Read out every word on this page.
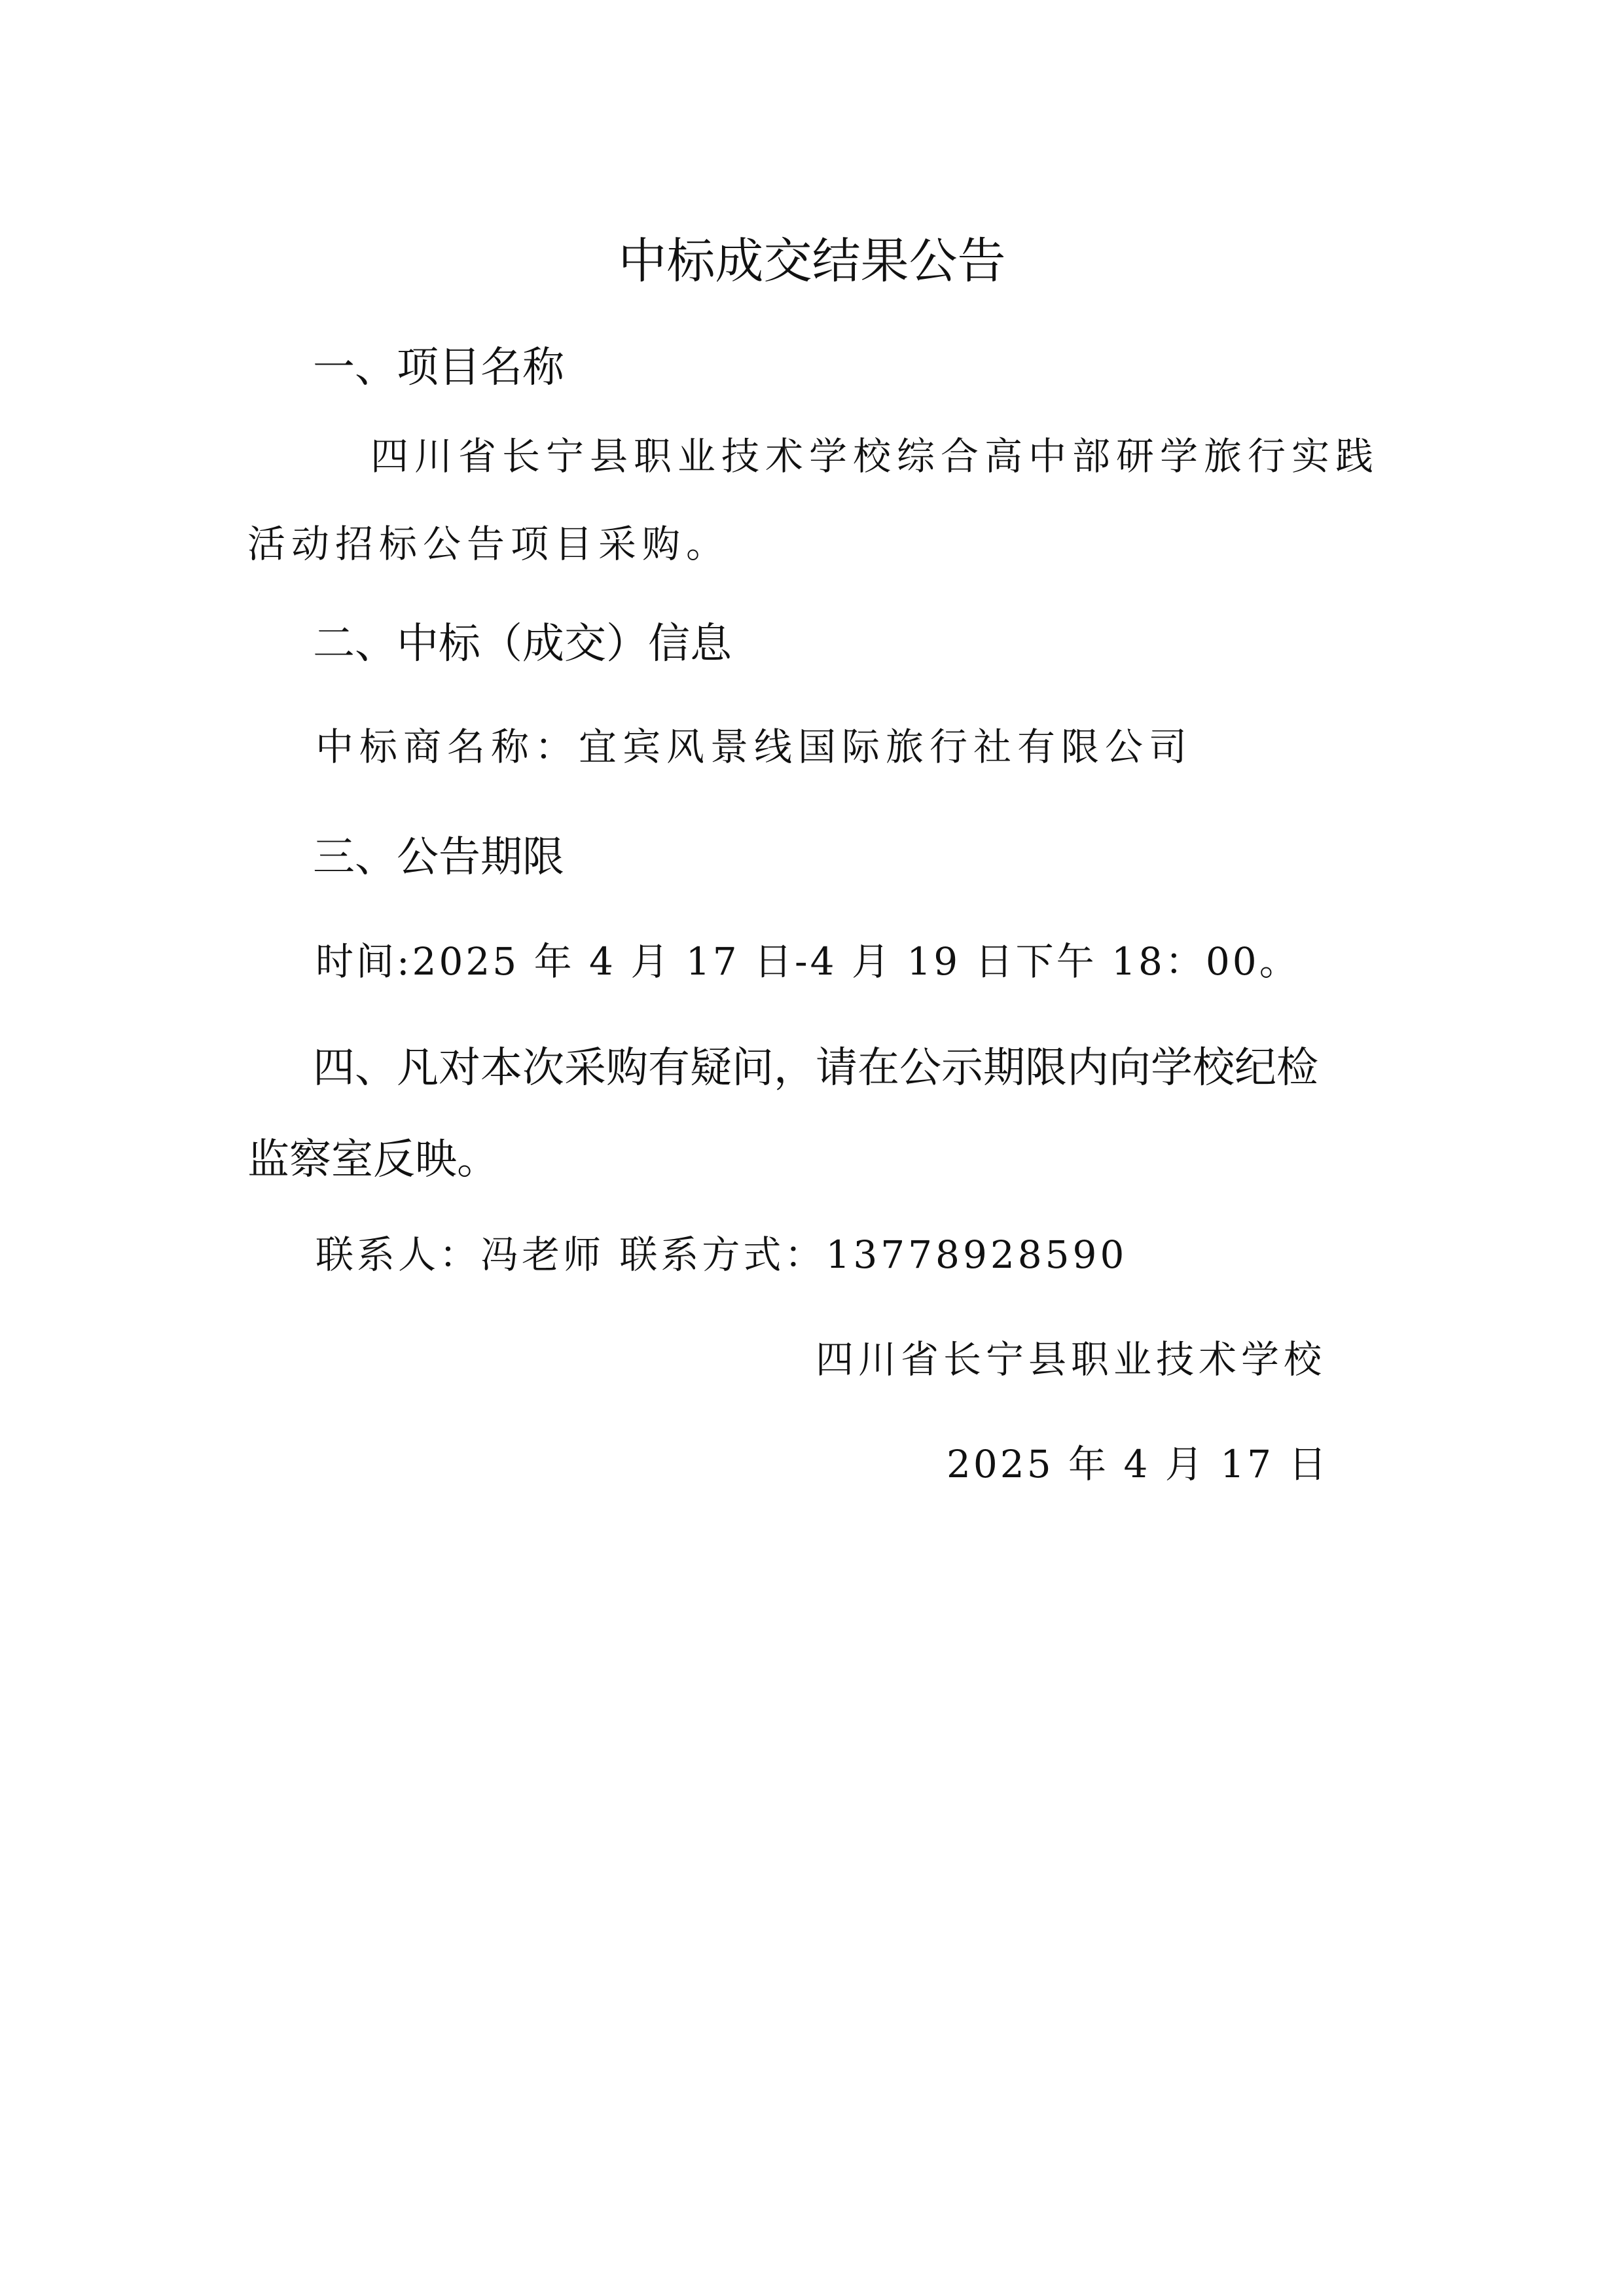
中标成交结果公告
一、项目名称
四川省长宁县职业技术学校综合高中部研学旅行实践
活动招标公告项目采购。
二、中标（成交）信息
中标商名称：宜宾风景线国际旅行社有限公司
三、公告期限
时间:2025 年 4 月 17 日-4 月 19 日下午 18：00。
四、凡对本次采购有疑问，请在公示期限内向学校纪检
监察室反映。
联系人：冯老师 联系方式：13778928590
四川省长宁县职业技术学校
2025 年 4 月 17 日
